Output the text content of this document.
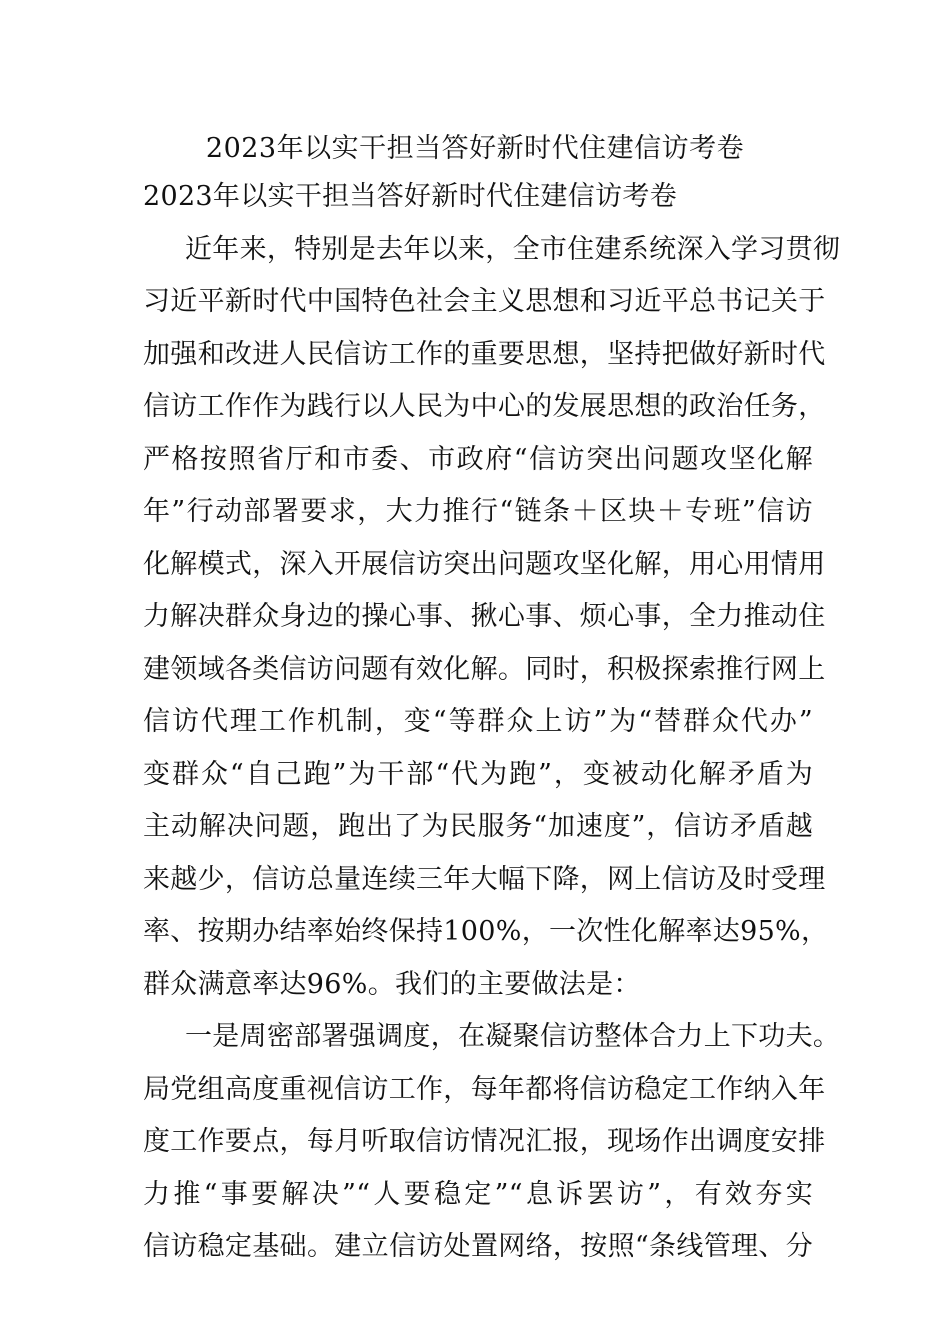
2023年以实干担当答好新时代住建信访考卷
2023年以实干担当答好新时代住建信访考卷
近年来，特别是去年以来，全市住建系统深入学习贯彻
习近平新时代中国特色社会主义思想和习近平总书记关于
加强和改进人民信访工作的重要思想，坚持把做好新时代
信访工作作为践行以人民为中心的发展思想的政治任务，
严格按照省厅和市委、市政府“信访突出问题攻坚化解
年”行动部署要求，大力推行“链条＋区块＋专班”信访
化解模式，深入开展信访突出问题攻坚化解，用心用情用
力解决群众身边的操心事、揪心事、烦心事，全力推动住
建领域各类信访问题有效化解。同时，积极探索推行网上
信访代理工作机制，变“等群众上访”为“替群众代办”
变群众“自己跑”为干部“代为跑”，变被动化解矛盾为
主动解决问题，跑出了为民服务“加速度”，信访矛盾越
来越少，信访总量连续三年大幅下降，网上信访及时受理
率、按期办结率始终保持100%，一次性化解率达95%，
群众满意率达96%。我们的主要做法是：
一是周密部署强调度，在凝聚信访整体合力上下功夫。
局党组高度重视信访工作，每年都将信访稳定工作纳入年
度工作要点，每月听取信访情况汇报，现场作出调度安排
力推“事要解决”“人要稳定”“息诉罢访”，有效夯实
信访稳定基础。建立信访处置网络，按照“条线管理、分
